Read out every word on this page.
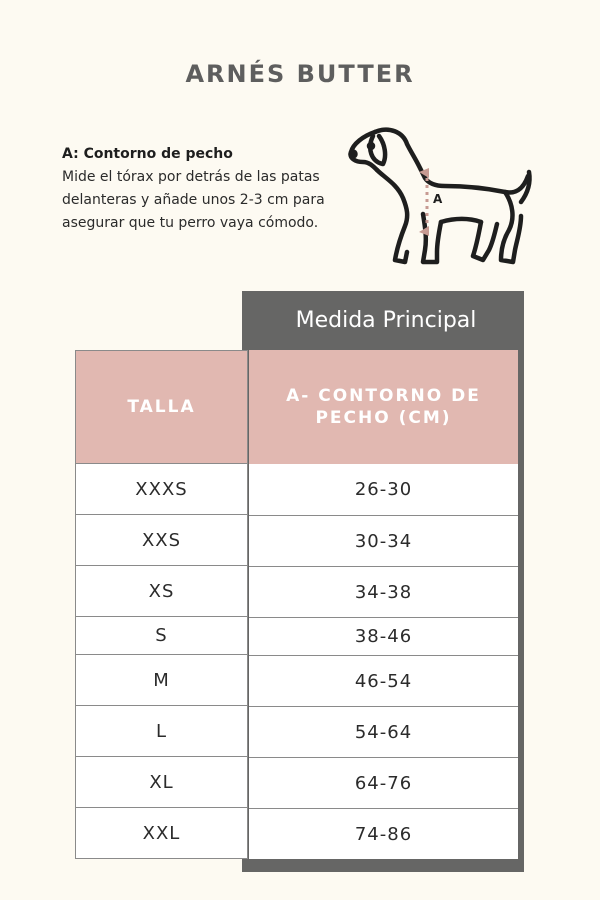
ARNÉS BUTTER
A: Contorno de pecho
Mide el tórax por detrás de las patas delanteras y añade unos 2-3 cm para asegurar que tu perro vaya cómodo.
A
Medida Principal
TALLA
A- CONTORNO DE PECHO (CM)
XXXS	26-30
XXS	30-34
XS	34-38
S	38-46
M	46-54
L	54-64
XL	64-76
XXL	74-86
